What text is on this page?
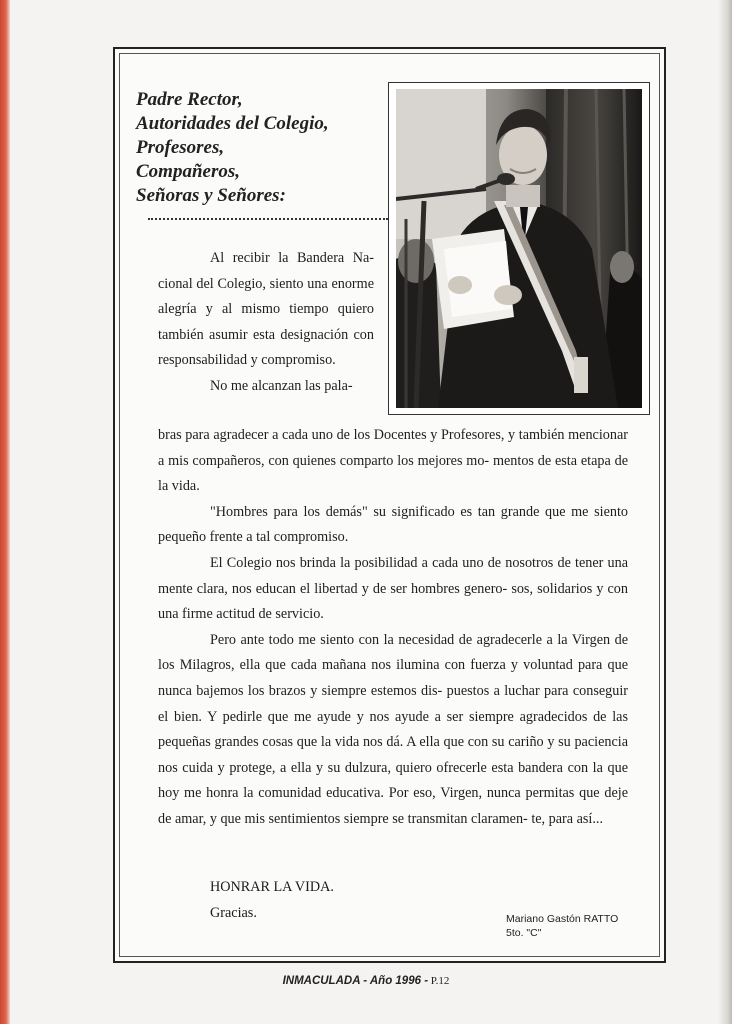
Padre Rector,
Autoridades del Colegio,
Profesores,
Compañeros,
Señoras y Señores:

Al recibir la Bandera Na- cional del Colegio, siento una enorme alegría y al mismo tiempo quiero también asumir esta designación con responsabilidad y compromiso.

No me alcanzan las pala-

bras para agradecer a cada uno de los Docentes y Profesores, y también mencionar a mis compañeros, con quienes comparto los mejores mo- mentos de esta etapa de la vida.

"Hombres para los demás" su significado es tan grande que me siento pequeño frente a tal compromiso.

El Colegio nos brinda la posibilidad a cada uno de nosotros de tener una mente clara, nos educan el libertad y de ser hombres genero- sos, solidarios y con una firme actitud de servicio.

Pero ante todo me siento con la necesidad de agradecerle a la Virgen de los Milagros, ella que cada mañana nos ilumina con fuerza y voluntad para que nunca bajemos los brazos y siempre estemos dis- puestos a luchar para conseguir el bien. Y pedirle que me ayude y nos ayude a ser siempre agradecidos de las pequeñas grandes cosas que la vida nos dá. A ella que con su cariño y su paciencia nos cuida y protege, a ella y su dulzura, quiero ofrecerle esta bandera con la que hoy me honra la comunidad educativa. Por eso, Virgen, nunca permitas que deje de amar, y que mis sentimientos siempre se transmitan claramen- te, para así...

HONRAR LA VIDA.
Gracias.	Mariano Gastón RATTO
5to. "C"
INMACULADA - Año 1996 - P.12
